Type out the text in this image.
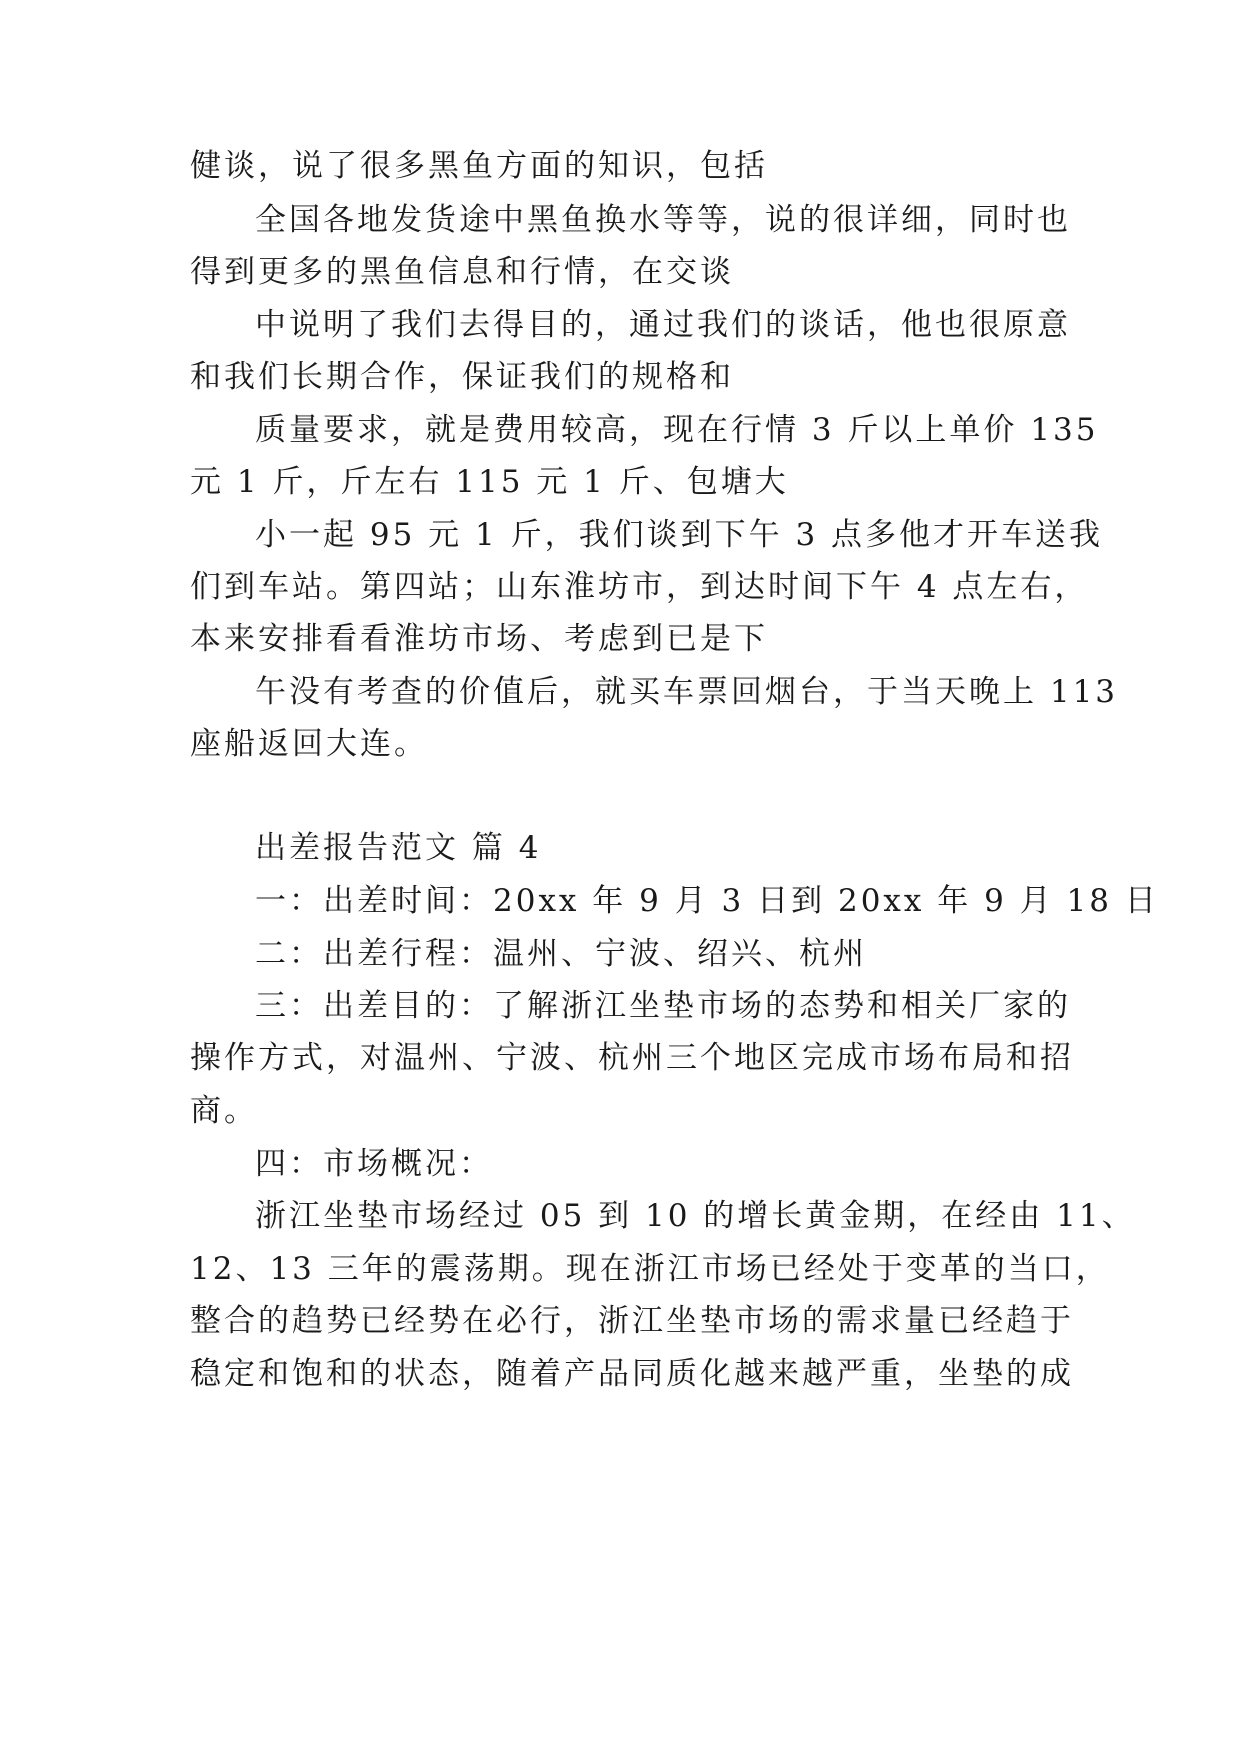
健谈，说了很多黑鱼方面的知识，包括
全国各地发货途中黑鱼换水等等，说的很详细，同时也
得到更多的黑鱼信息和行情，在交谈
中说明了我们去得目的，通过我们的谈话，他也很原意
和我们长期合作，保证我们的规格和
质量要求，就是费用较高，现在行情 3 斤以上单价 135
元 1 斤，斤左右 115 元 1 斤、包塘大
小一起 95 元 1 斤，我们谈到下午 3 点多他才开车送我
们到车站。第四站；山东淮坊市，到达时间下午 4 点左右，
本来安排看看淮坊市场、考虑到已是下
午没有考查的价值后，就买车票回烟台，于当天晚上 113
座船返回大连。
出差报告范文 篇 4
一：出差时间：20xx 年 9 月 3 日到 20xx 年 9 月 18 日
二：出差行程：温州、宁波、绍兴、杭州
三：出差目的：了解浙江坐垫市场的态势和相关厂家的
操作方式，对温州、宁波、杭州三个地区完成市场布局和招
商。
四：市场概况：
浙江坐垫市场经过 05 到 10 的增长黄金期，在经由 11、
12、13 三年的震荡期。现在浙江市场已经处于变革的当口，
整合的趋势已经势在必行，浙江坐垫市场的需求量已经趋于
稳定和饱和的状态，随着产品同质化越来越严重，坐垫的成
